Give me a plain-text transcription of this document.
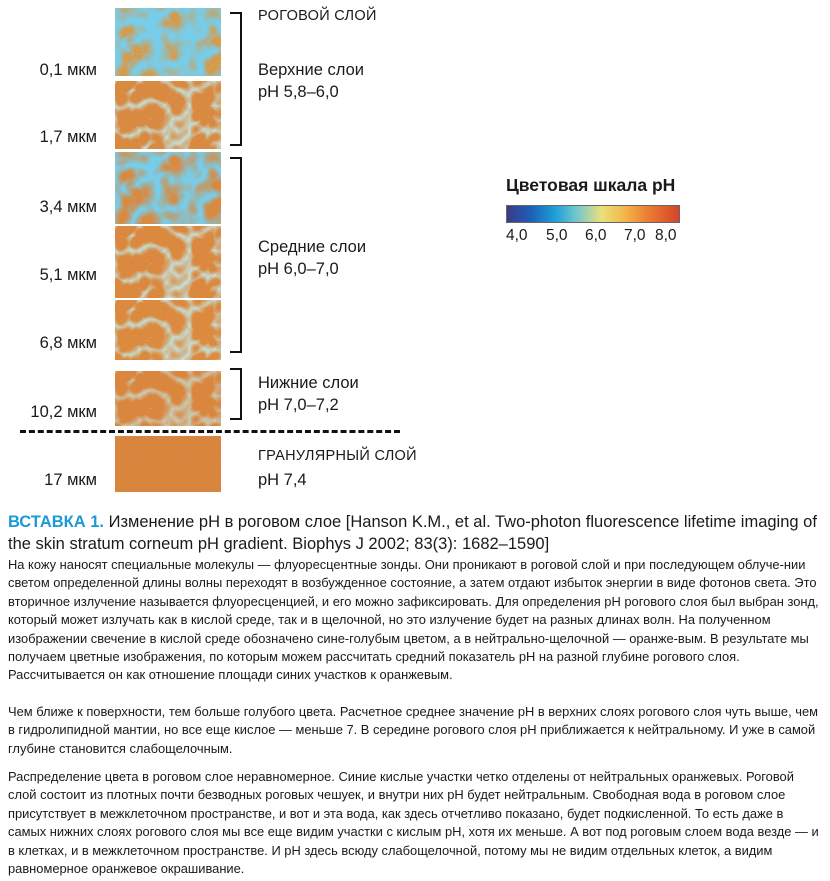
0,1 мкм
1,7 мкм
3,4 мкм
5,1 мкм
6,8 мкм
10,2 мкм
17 мкм
РОГОВОЙ СЛОЙ
Верхние слои
pH 5,8–6,0
Средние слои
pH 6,0–7,0
Нижние слои
pH 7,0–7,2
ГРАНУЛЯРНЫЙ СЛОЙ
pH 7,4
Цветовая шкала pH
4,0 5,0 6,0 7,0 8,0
ВСТАВКА 1. Изменение pH в роговом слое [Hanson K.M., et al. Two-photon fluorescence lifetime imaging of the skin stratum corneum pH gradient. Biophys J 2002; 83(3): 1682–1590]

На кожу наносят специальные молекулы — флуоресцентные зонды. Они проникают в роговой слой и при последующем облуче-нии светом определенной длины волны переходят в возбужденное состояние, а затем отдают избыток энергии в виде фотонов света. Это вторичное излучение называется флуоресценцией, и его можно зафиксировать. Для определения pH рогового слоя был выбран зонд, который может излучать как в кислой среде, так и в щелочной, но это излучение будет на разных длинах волн. На полученном изображении свечение в кислой среде обозначено сине-голубым цветом, а в нейтрально-щелочной — оранже-вым. В результате мы получаем цветные изображения, по которым можем рассчитать средний показатель pH на разной глубине рогового слоя. Рассчитывается он как отношение площади синих участков к оранжевым.

Чем ближе к поверхности, тем больше голубого цвета. Расчетное среднее значение pH в верхних слоях рогового слоя чуть выше, чем в гидролипидной мантии, но все еще кислое — меньше 7. В середине рогового слоя pH приближается к нейтральному. И уже в самой глубине становится слабощелочным.

Распределение цвета в роговом слое неравномерное. Синие кислые участки четко отделены от нейтральных оранжевых. Роговой слой состоит из плотных почти безводных роговых чешуек, и внутри них pH будет нейтральным. Свободная вода в роговом слое присутствует в межклеточном пространстве, и вот и эта вода, как здесь отчетливо показано, будет подкисленной. То есть даже в самых нижних слоях рогового слоя мы все еще видим участки с кислым pH, хотя их меньше. А вот под роговым слоем вода везде — и в клетках, и в межклеточном пространстве. И pH здесь всюду слабощелочной, потому мы не видим отдельных клеток, а видим равномерное оранжевое окрашивание.
